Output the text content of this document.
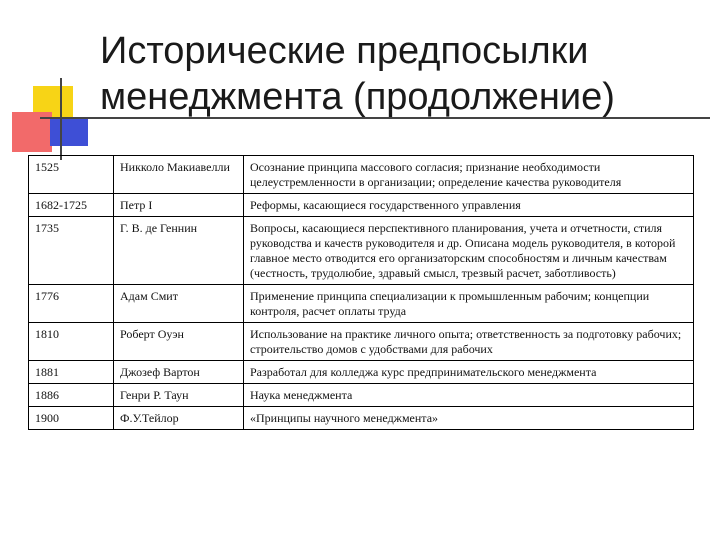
Исторические предпосылки
менеджмента (продолжение)
1525	Никколо Макиавелли	Осознание принципа массового согласия; признание необходимости целеустремленности в организации; определение качества руководителя
1682-1725	Петр I	Реформы, касающиеся государственного управления
1735	Г. В. де Геннин	Вопросы, касающиеся перспективного планирования, учета и отчетности, стиля руководства и качеств руководителя и др. Описана модель руководителя, в которой главное место отводится его организаторским способностям и личным качествам (честность, трудолюбие, здравый смысл, трезвый расчет, заботливость)
1776	Адам Смит	Применение принципа специализации к промышленным рабочим; концепции контроля, расчет оплаты труда
1810	Роберт Оуэн	Использование на практике личного опыта; ответственность за подготовку рабочих; строительство домов с удобствами для рабочих
1881	Джозеф Вартон	Разработал для колледжа курс предпринимательского менеджмента
1886	Генри Р. Таун	Наука менеджмента
1900	Ф.У.Тейлор	«Принципы научного менеджмента»
